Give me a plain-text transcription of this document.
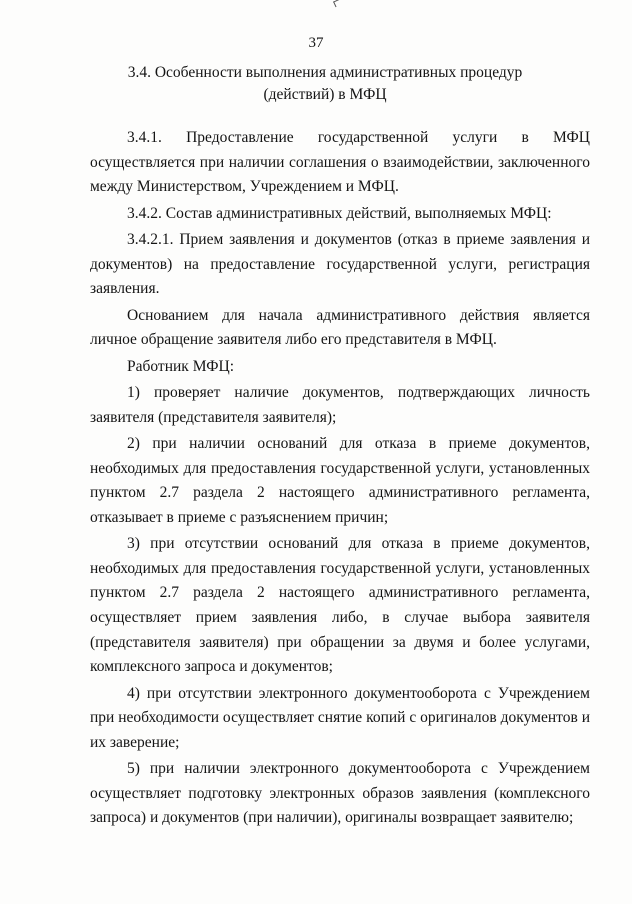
37
3.4. Особенности выполнения административных процедур
(действий) в МФЦ

3.4.1. Предоставление государственной услуги в МФЦ осуществляется при наличии соглашения о взаимодействии, заключенного между Министерством, Учреждением и МФЦ.

3.4.2. Состав административных действий, выполняемых МФЦ:

3.4.2.1. Прием заявления и документов (отказ в приеме заявления и документов) на предоставление государственной услуги, регистрация заявления.

Основанием для начала административного действия является личное обращение заявителя либо его представителя в МФЦ.

Работник МФЦ:

1) проверяет наличие документов, подтверждающих личность заявителя (представителя заявителя);

2) при наличии оснований для отказа в приеме документов, необходимых для предоставления государственной услуги, установленных пунктом 2.7 раздела 2 настоящего административного регламента, отказывает в приеме с разъяснением причин;

3) при отсутствии оснований для отказа в приеме документов, необходимых для предоставления государственной услуги, установленных пунктом 2.7 раздела 2 настоящего административного регламента, осуществляет прием заявления либо, в случае выбора заявителя (представителя заявителя) при обращении за двумя и более услугами, комплексного запроса и документов;

4) при отсутствии электронного документооборота с Учреждением при необходимости осуществляет снятие копий с оригиналов документов и их заверение;

5) при наличии электронного документооборота с Учреждением осуществляет подготовку электронных образов заявления (комплексного запроса) и документов (при наличии), оригиналы возвращает заявителю;
